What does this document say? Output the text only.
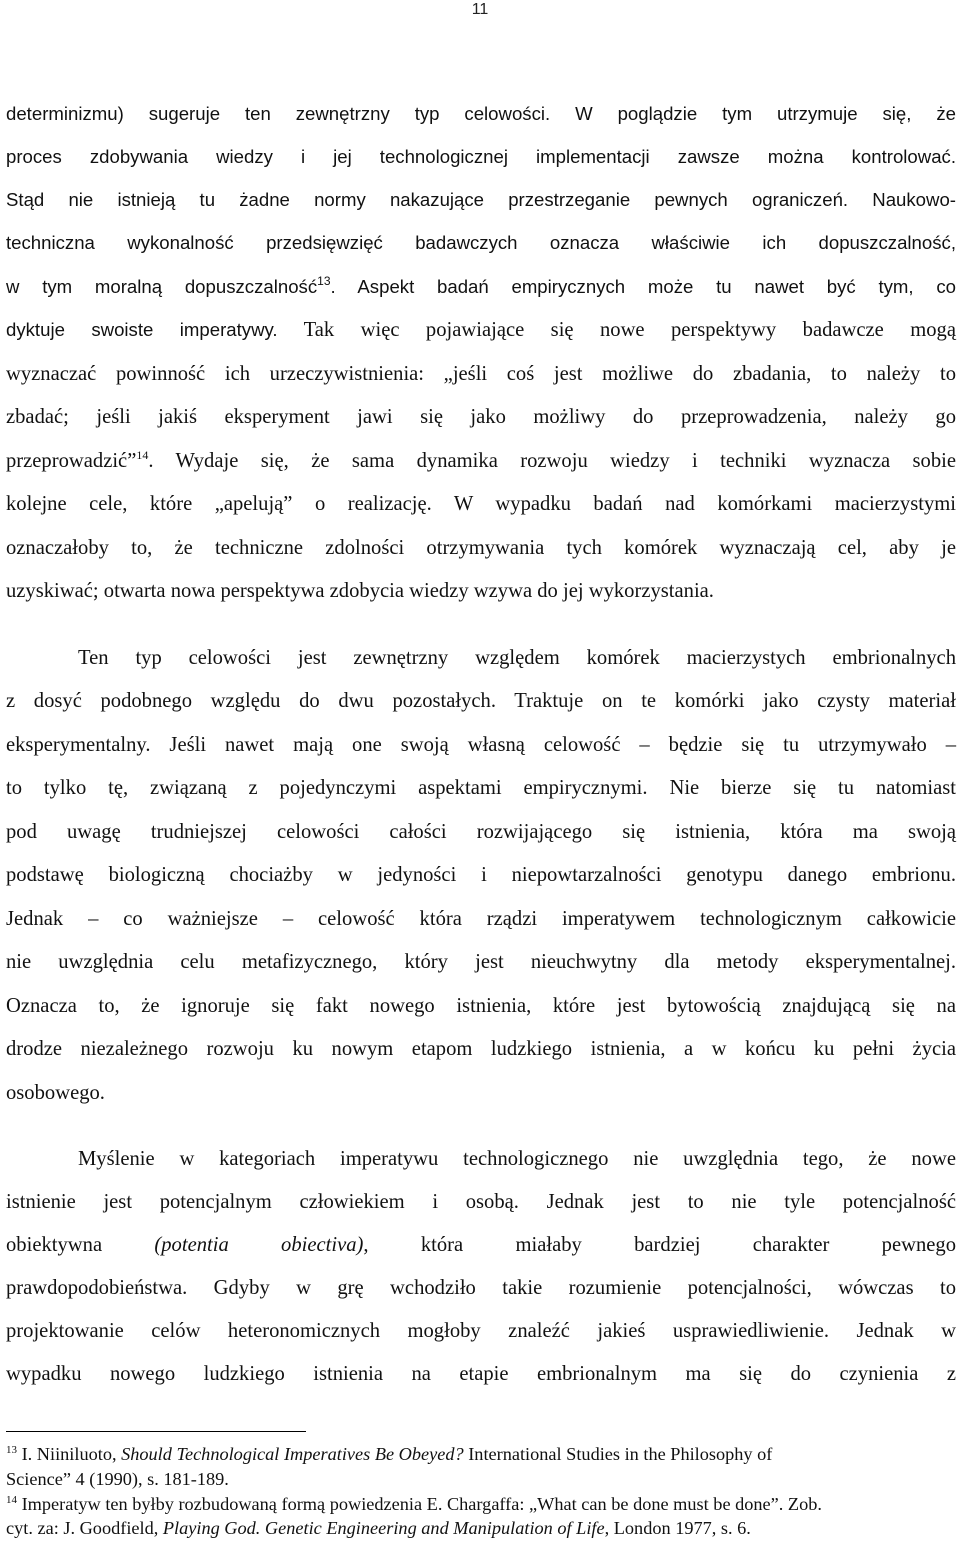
11
determinizmu) sugeruje ten zewnętrzny typ celowości. W poglądzie tym utrzymuje się, że
proces zdobywania wiedzy i jej technologicznej implementacji zawsze można kontrolować.
Stąd nie istnieją tu żadne normy nakazujące przestrzeganie pewnych ograniczeń. Naukowo-
techniczna wykonalność przedsięwzięć badawczych oznacza właściwie ich dopuszczalność,
w tym moralną dopuszczalność$^{13}$. Aspekt badań empirycznych może tu nawet być tym, co
dyktuje swoiste imperatywy. Tak więc pojawiające się nowe perspektywy badawcze mogą
wyznaczać powinność ich urzeczywistnienia: „jeśli coś jest możliwe do zbadania, to należy to
zbadać; jeśli jakiś eksperyment jawi się jako możliwy do przeprowadzenia, należy go
przeprowadzić”$^{14}$. Wydaje się, że sama dynamika rozwoju wiedzy i techniki wyznacza sobie
kolejne cele, które „apelują” o realizację. W wypadku badań nad komórkami macierzystymi
oznaczałoby to, że techniczne zdolności otrzymywania tych komórek wyznaczają cel, aby je
uzyskiwać; otwarta nowa perspektywa zdobycia wiedzy wzywa do jej wykorzystania.
Ten typ celowości jest zewnętrzny względem komórek macierzystych embrionalnych
z dosyć podobnego względu do dwu pozostałych. Traktuje on te komórki jako czysty materiał
eksperymentalny. Jeśli nawet mają one swoją własną celowość – będzie się tu utrzymywało –
to tylko tę, związaną z pojedynczymi aspektami empirycznymi. Nie bierze się tu natomiast
pod uwagę trudniejszej celowości całości rozwijającego się istnienia, która ma swoją
podstawę biologiczną chociażby w jedyności i niepowtarzalności genotypu danego embrionu.
Jednak – co ważniejsze – celowość która rządzi imperatywem technologicznym całkowicie
nie uwzględnia celu metafizycznego, który jest nieuchwytny dla metody eksperymentalnej.
Oznacza to, że ignoruje się fakt nowego istnienia, które jest bytowością znajdującą się na
drodze niezależnego rozwoju ku nowym etapom ludzkiego istnienia, a w końcu ku pełni życia
osobowego.
Myślenie w kategoriach imperatywu technologicznego nie uwzględnia tego, że nowe
istnienie jest potencjalnym człowiekiem i osobą. Jednak jest to nie tyle potencjalność
obiektywna (potentia obiectiva), która miałaby bardziej charakter pewnego
prawdopodobieństwa. Gdyby w grę wchodziło takie rozumienie potencjalności, wówczas to
projektowanie celów heteronomicznych mogłoby znaleźć jakieś usprawiedliwienie. Jednak w
wypadku nowego ludzkiego istnienia na etapie embrionalnym ma się do czynienia z
$^{13}$ I. Niiniluoto, Should Technological Imperatives Be Obeyed? International Studies in the Philosophy of
Science” 4 (1990), s. 181-189.
$^{14}$ Imperatyw ten byłby rozbudowaną formą powiedzenia E. Chargaffa: „What can be done must be done”. Zob.
cyt. za: J. Goodfield, Playing God. Genetic Engineering and Manipulation of Life, London 1977, s. 6.
